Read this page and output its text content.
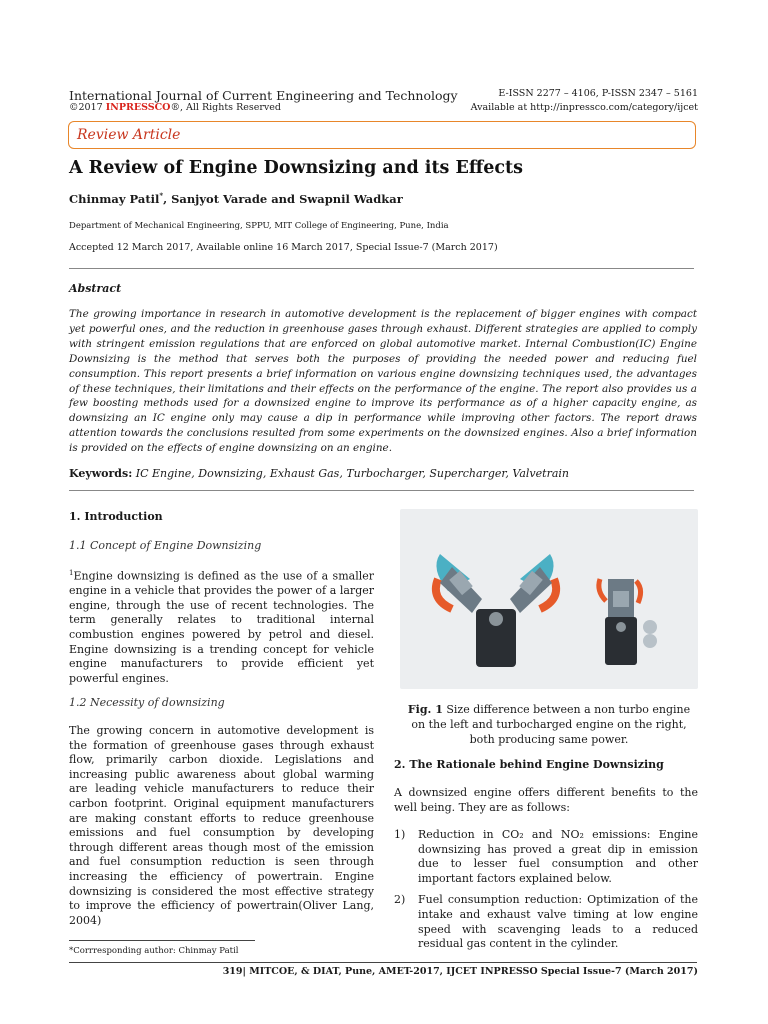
International Journal of Current Engineering and Technology
©2017 INPRESSCO®, All Rights Reserved
E-ISSN 2277 – 4106, P-ISSN 2347 – 5161
Available at http://inpressco.com/category/ijcet
Review Article
A Review of Engine Downsizing and its Effects
Chinmay Patil*, Sanjyot Varade and Swapnil Wadkar
Department of Mechanical Engineering, SPPU, MIT College of Engineering, Pune, India
Accepted 12 March 2017, Available online 16 March 2017, Special Issue-7 (March 2017)
Abstract
The growing importance in research in automotive development is the replacement of bigger engines with compact yet powerful ones, and the reduction in greenhouse gases through exhaust. Different strategies are applied to comply with stringent emission regulations that are enforced on global automotive market. Internal Combustion(IC) Engine Downsizing is the method that serves both the purposes of providing the needed power and reducing fuel consumption. This report presents a brief information on various engine downsizing techniques used, the advantages of these techniques, their limitations and their effects on the performance of the engine. The report also provides us a few boosting methods used for a downsized engine to improve its performance as of a higher capacity engine, as downsizing an IC engine only may cause a dip in performance while improving other factors. The report draws attention towards the conclusions resulted from some experiments on the downsized engines. Also a brief information is provided on the effects of engine downsizing on an engine.
Keywords: IC Engine, Downsizing, Exhaust Gas, Turbocharger, Supercharger, Valvetrain
1. Introduction
1.1 Concept of Engine Downsizing
$^1$Engine downsizing is defined as the use of a smaller engine in a vehicle that provides the power of a larger engine, through the use of recent technologies. The term generally relates to traditional internal combustion engines powered by petrol and diesel. Engine downsizing is a trending concept for vehicle engine manufacturers to provide efficient yet powerful engines.
1.2 Necessity of downsizing
The growing concern in automotive development is the formation of greenhouse gases through exhaust flow, primarily carbon dioxide. Legislations and increasing public awareness about global warming are leading vehicle manufacturers to reduce their carbon footprint. Original equipment manufacturers are making constant efforts to reduce greenhouse emissions and fuel consumption by developing through different areas though most of the emission and fuel consumption reduction is seen through increasing the efficiency of powertrain. Engine downsizing is considered the most effective strategy to improve the efficiency of powertrain(Oliver Lang, 2004)
Fig. 1 Size difference between a non turbo engine on the left and turbocharged engine on the right, both producing same power.
2. The Rationale behind Engine Downsizing
A downsized engine offers different benefits to the well being. They are as follows:
1) Reduction in CO₂ and NO₂ emissions: Engine downsizing has proved a great dip in emission due to lesser fuel consumption and other important factors explained below.
2) Fuel consumption reduction: Optimization of the intake and exhaust valve timing at low engine speed with scavenging leads to a reduced residual gas content in the cylinder.
*Corrresponding author: Chinmay Patil
319| MITCOE, & DIAT, Pune, AMET-2017, IJCET INPRESSO Special Issue-7 (March 2017)
